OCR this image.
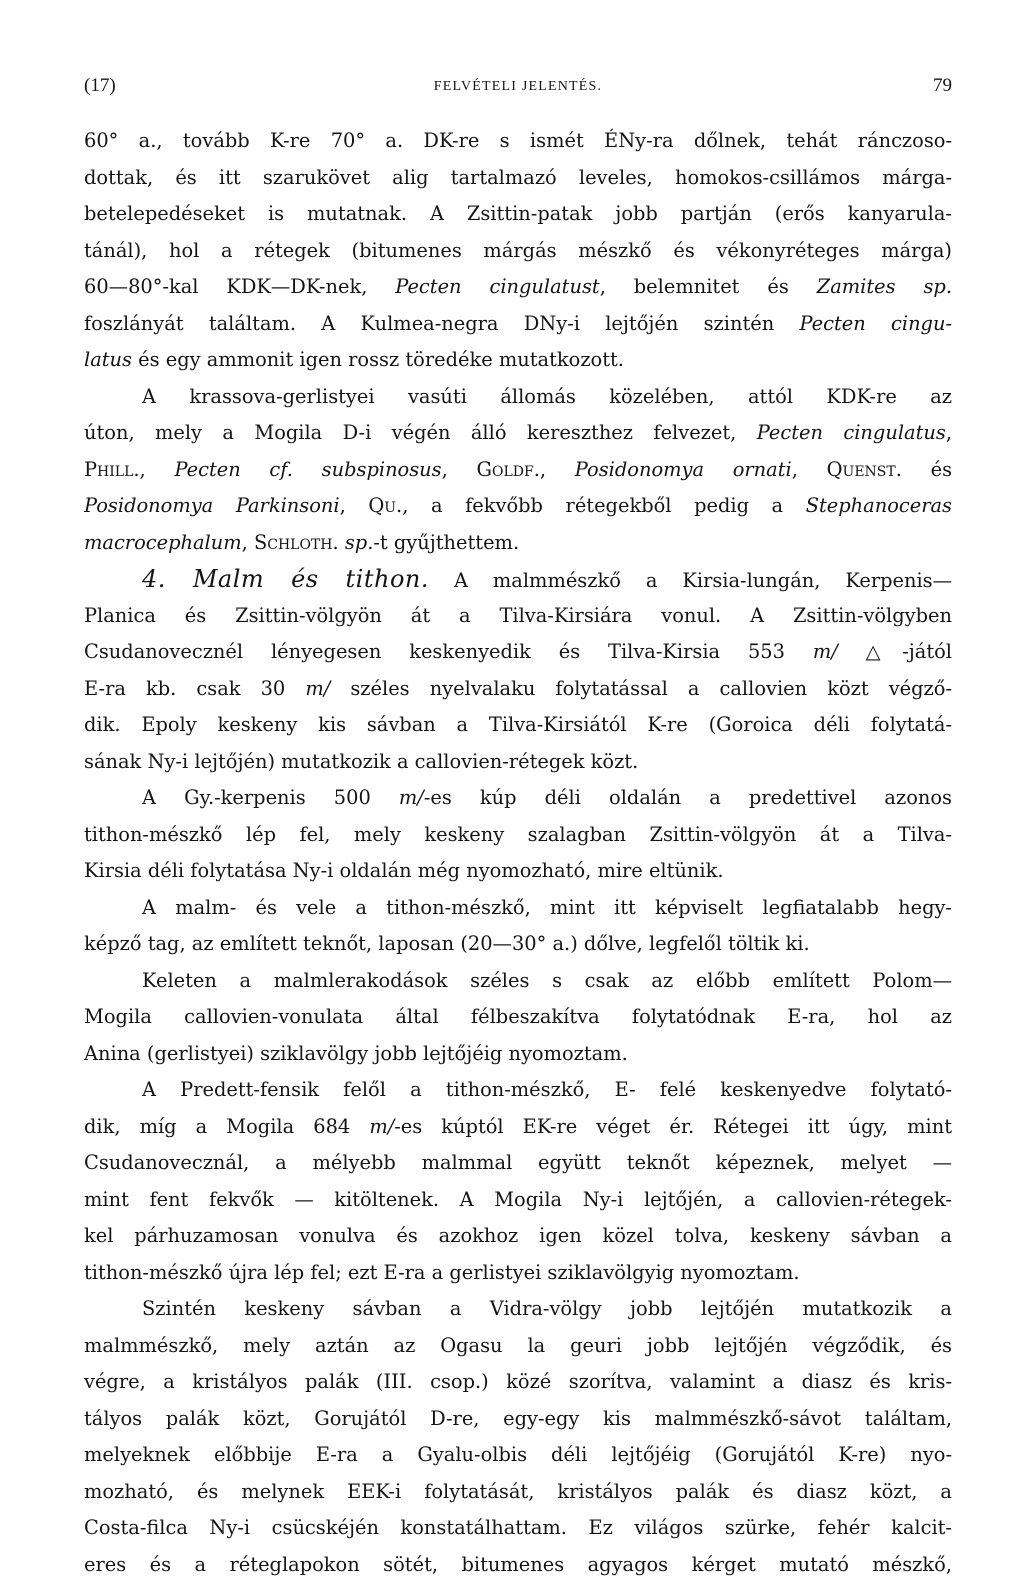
(17)	FELVÉTELI JELENTÉS.	79
60° a., tovább K-re 70° a. DK-re s ismét ÉNy-ra dőlnek, tehát ránczoso-
dottak, és itt szarukövet alig tartalmazó leveles, homokos-csillámos márga-
betelepedéseket is mutatnak. A Zsittin-patak jobb partján (erős kanyarula-
tánál), hol a rétegek (bitumenes márgás mészkő és vékonyréteges márga)
60—80°-kal KDK—DK-nek, Pecten cingulatust, belemnitet és Zamites sp.
foszlányát találtam. A Kulmea-negra DNy-i lejtőjén szintén Pecten cingu-
latus és egy ammonit igen rossz töredéke mutatkozott.
A krassova-gerlistyei vasúti állomás közelében, attól KDK-re az
úton, mely a Mogila D-i végén álló kereszthez felvezet, Pecten cingulatus,
Phill., Pecten cf. subspinosus, Goldf., Posidonomya ornati, Quenst. és
Posidonomya Parkinsoni, Qu., a fekvőbb rétegekből pedig a Stephanoceras
macrocephalum, Schloth. sp.-t gyűjthettem.
4. Malm és tithon. A malmmészkő a Kirsia-lungán, Kerpenis—
Planica és Zsittin-völgyön át a Tilva-Kirsiára vonul. A Zsittin-völgyben
Csudanovecznél lényegesen keskenyedik és Tilva-Kirsia 553 m/ △-jától
E-ra kb. csak 30 m/ széles nyelvalaku folytatással a callovien közt végző-
dik. Epoly keskeny kis sávban a Tilva-Kirsiától K-re (Goroica déli folytatá-
sának Ny-i lejtőjén) mutatkozik a callovien-rétegek közt.
A Gy.-kerpenis 500 m/-es kúp déli oldalán a predettivel azonos
tithon-mészkő lép fel, mely keskeny szalagban Zsittin-völgyön át a Tilva-
Kirsia déli folytatása Ny-i oldalán még nyomozható, mire eltünik.
A malm- és vele a tithon-mészkő, mint itt képviselt legfiatalabb hegy-
képző tag, az említett teknőt, laposan (20—30° a.) dőlve, legfelől töltik ki.
Keleten a malmlerakodások széles s csak az előbb említett Polom—
Mogila callovien-vonulata által félbeszakítva folytatódnak E-ra, hol az
Anina (gerlistyei) sziklavölgy jobb lejtőjéig nyomoztam.
A Predett-fensik felől a tithon-mészkő, E- felé keskenyedve folytató-
dik, míg a Mogila 684 m/-es kúptól EK-re véget ér. Rétegei itt úgy, mint
Csudanovecznál, a mélyebb malmmal együtt teknőt képeznek, melyet —
mint fent fekvők — kitöltenek. A Mogila Ny-i lejtőjén, a callovien-rétegek-
kel párhuzamosan vonulva és azokhoz igen közel tolva, keskeny sávban a
tithon-mészkő újra lép fel; ezt E-ra a gerlistyei sziklavölgyig nyomoztam.
Szintén keskeny sávban a Vidra-völgy jobb lejtőjén mutatkozik a
malmmészkő, mely aztán az Ogasu la geuri jobb lejtőjén végződik, és
végre, a kristályos palák (III. csop.) közé szorítva, valamint a diasz és kris-
tályos palák közt, Gorujától D-re, egy-egy kis malmmészkő-sávot találtam,
melyeknek előbbije E-ra a Gyalu-olbis déli lejtőjéig (Gorujától K-re) nyo-
mozható, és melynek EEK-i folytatását, kristályos palák és diasz közt, a
Costa-filca Ny-i csücskéjén konstatálhattam. Ez világos szürke, fehér kalcit-
eres és a réteglapokon sötét, bitumenes agyagos kérget mutató mészkő,
